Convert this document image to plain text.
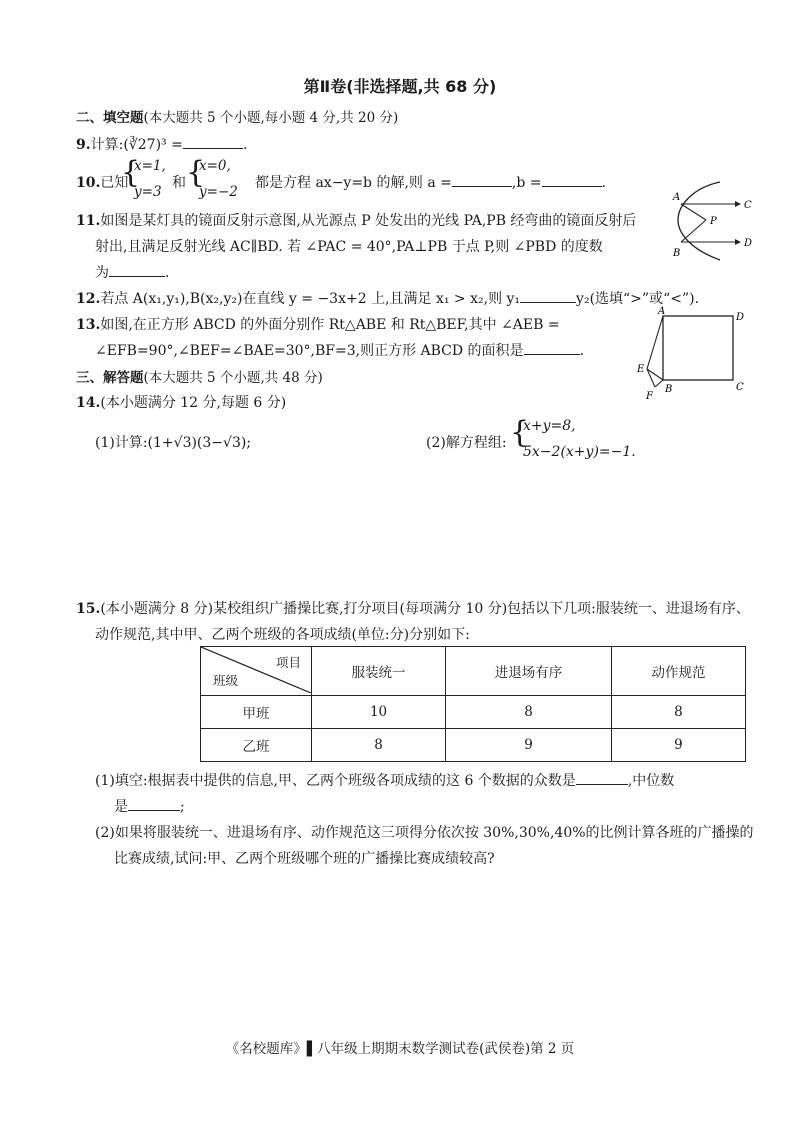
第Ⅱ卷(非选择题,共 68 分)
二、填空题(本大题共 5 个小题,每小题 4 分,共 20 分)
9.计算:(∛27)³ =	.
10.已知
{
x=1,
y=3
和 {
x=0,
y=−2
都是方程 ax−y=b 的解,则 a =	,b =	.
11.如图是某灯具的镜面反射示意图,从光源点 P 处发出的光线 PA,PB 经弯曲的镜面反射后
射出,且满足反射光线 AC∥BD. 若 ∠PAC = 40°,PA⊥PB 于点 P,则 ∠PBD 的度数
为	.
A
B
C
D
P
12.若点 A(x₁,y₁),B(x₂,y₂)在直线 y = −3x+2 上,且满足 x₁ > x₂,则 y₁	y₂(选填“>”或“<”).
13.如图,在正方形 ABCD 的外面分别作 Rt△ABE 和 Rt△BEF,其中 ∠AEB =
∠EFB=90°,∠BEF=∠BAE=30°,BF=3,则正方形 ABCD 的面积是	.
A
D
B	C
E
F
三、解答题(本大题共 5 个小题,共 48 分)
14.(本小题满分 12 分,每题 6 分)
(1)计算:(1+√3)(3−√3);	(2)解方程组: {
x+y=8,
5x−2(x+y)=−1.
15.(本小题满分 8 分)某校组织广播操比赛,打分项目(每项满分 10 分)包括以下几项:服装统一、进退场有序、
动作规范,其中甲、乙两个班级的各项成绩(单位:分)分别如下:
项目
班级	服装统一	进退场有序	动作规范
甲班	10	8	8
乙班	8	9	9
(1)填空:根据表中提供的信息,甲、乙两个班级各项成绩的这 6 个数据的众数是	,中位数
是	;
(2)如果将服装统一、进退场有序、动作规范这三项得分依次按 30%,30%,40%的比例计算各班的广播操的
比赛成绩,试问:甲、乙两个班级哪个班的广播操比赛成绩较高?
《名校题库》▌八年级上期期末数学测试卷(武侯卷)第 2 页
